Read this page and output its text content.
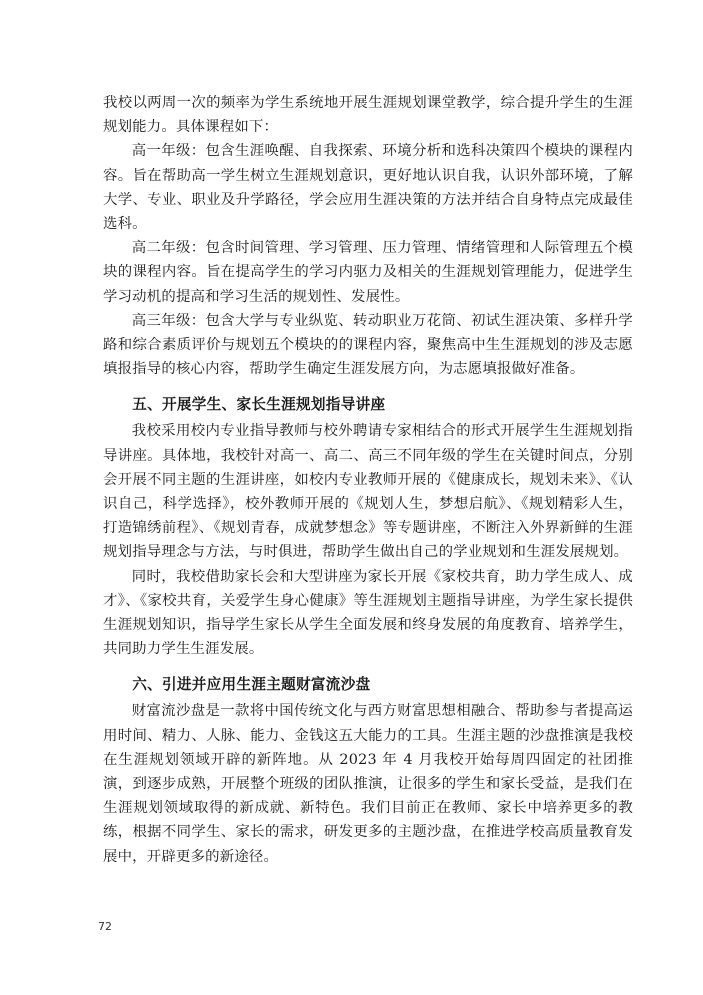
我校以两周一次的频率为学生系统地开展生涯规划课堂教学，综合提升学生的生涯规划能力。具体课程如下：

高一年级：包含生涯唤醒、自我探索、环境分析和选科决策四个模块的课程内容。旨在帮助高一学生树立生涯规划意识，更好地认识自我，认识外部环境，了解大学、专业、职业及升学路径，学会应用生涯决策的方法并结合自身特点完成最佳选科。

高二年级：包含时间管理、学习管理、压力管理、情绪管理和人际管理五个模块的课程内容。旨在提高学生的学习内驱力及相关的生涯规划管理能力，促进学生学习动机的提高和学习生活的规划性、发展性。

高三年级：包含大学与专业纵览、转动职业万花筒、初试生涯决策、多样升学路和综合素质评价与规划五个模块的的课程内容，聚焦高中生生涯规划的涉及志愿填报指导的核心内容，帮助学生确定生涯发展方向，为志愿填报做好准备。

五、开展学生、家长生涯规划指导讲座

我校采用校内专业指导教师与校外聘请专家相结合的形式开展学生生涯规划指导讲座。具体地，我校针对高一、高二、高三不同年级的学生在关键时间点，分别会开展不同主题的生涯讲座，如校内专业教师开展的《健康成长，规划未来》、《认识自己，科学选择》，校外教师开展的《规划人生，梦想启航》、《规划精彩人生，打造锦绣前程》、《规划青春，成就梦想念》等专题讲座，不断注入外界新鲜的生涯规划指导理念与方法，与时俱进，帮助学生做出自己的学业规划和生涯发展规划。

同时，我校借助家长会和大型讲座为家长开展《家校共育，助力学生成人、成才》、《家校共育，关爱学生身心健康》等生涯规划主题指导讲座，为学生家长提供生涯规划知识，指导学生家长从学生全面发展和终身发展的角度教育、培养学生，共同助力学生生涯发展。

六、引进并应用生涯主题财富流沙盘

财富流沙盘是一款将中国传统文化与西方财富思想相融合、帮助参与者提高运用时间、精力、人脉、能力、金钱这五大能力的工具。生涯主题的沙盘推演是我校在生涯规划领域开辟的新阵地。从 2023 年 4 月我校开始每周四固定的社团推演，到逐步成熟，开展整个班级的团队推演，让很多的学生和家长受益，是我们在生涯规划领域取得的新成就、新特色。我们目前正在教师、家长中培养更多的教练，根据不同学生、家长的需求，研发更多的主题沙盘，在推进学校高质量教育发展中，开辟更多的新途径。

72
